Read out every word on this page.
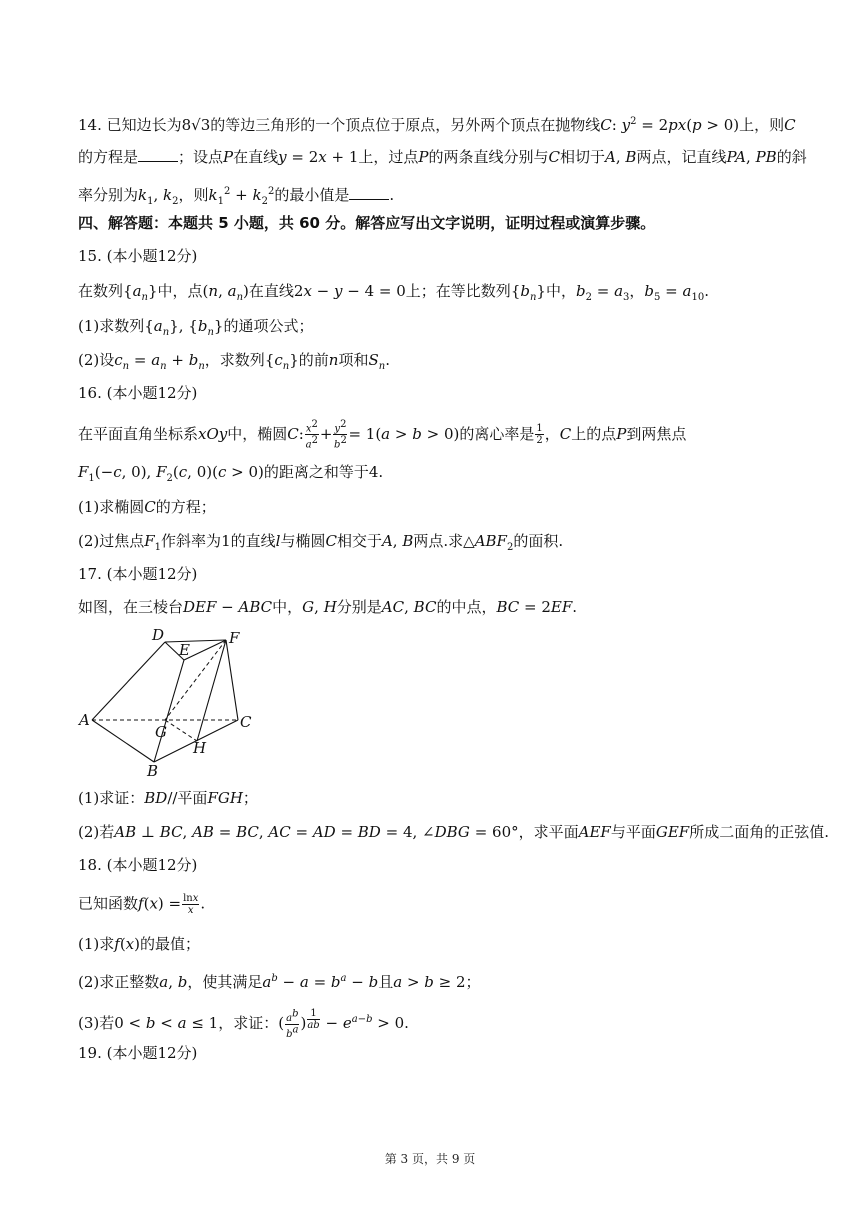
14. 已知边长为8√3的等边三角形的一个顶点位于原点，另外两个顶点在抛物线C: $y^2 = 2px(p > 0)$上，则C
的方程是	；设点P在直线y = 2x + 1上，过点P的两条直线分别与C相切于A, B两点，记直线PA, PB的斜
率分别为$k_1$, $k_2$，则$k_1^2 + k_2^2$的最小值是	.
四、解答题：本题共 5 小题，共 60 分。解答应写出文字说明，证明过程或演算步骤。
15. (本小题12分)
在数列$\{a_n\}$中，点(n, $a_n$)在直线2x − y − 4 = 0上；在等比数列$\{b_n\}$中，$b_2 = a_3$，$b_5 = a_{10}$.
(1)求数列$\{a_n\}$, $\{b_n\}$的通项公式；
(2)设$c_n = a_n + b_n$，求数列$\{c_n\}$的前n项和$S_n$.
16. (本小题12分)
在平面直角坐标系xOy中，椭圆C: $\frac{x^2}{a^2} + \frac{y^2}{b^2} = 1(a > b > 0)$的离心率是 $\frac{1}{2}$ ，C上的点P到两焦点
$F_1(-c$, 0), $F_2(c$, 0)(c > 0)的距离之和等于4.
(1)求椭圆C的方程；
(2)过焦点$F_1$作斜率为1的直线l与椭圆C相交于A, B两点.求$\triangle ABF_2$的面积.
17. (本小题12分)
如图，在三棱台DEF − ABC中，G, H分别是AC, BC的中点，BC = 2EF.
D
E
F
A
G
H
C
B
(1)求证：BD//平面FGH；
(2)若AB ⊥ BC, AB = BC, AC = AD = BD = 4, ∠DBG = 60°，求平面AEF与平面GEF所成二面角的正弦值.
18. (本小题12分)
已知函数$f(x) = \frac{\ln x}{x}$ .
(1)求f(x)的最值；
(2)求正整数a, b，使其满足$a^b - a = b^a - b$且a > b ≥ 2；
(3)若0 < b < a ≤ 1，求证：( $\frac{a^b}{b^a}$ ) $^{\frac{1}{ab}} - e^{a-b} > 0$.
19. (本小题12分)
第 3 页，共 9 页
